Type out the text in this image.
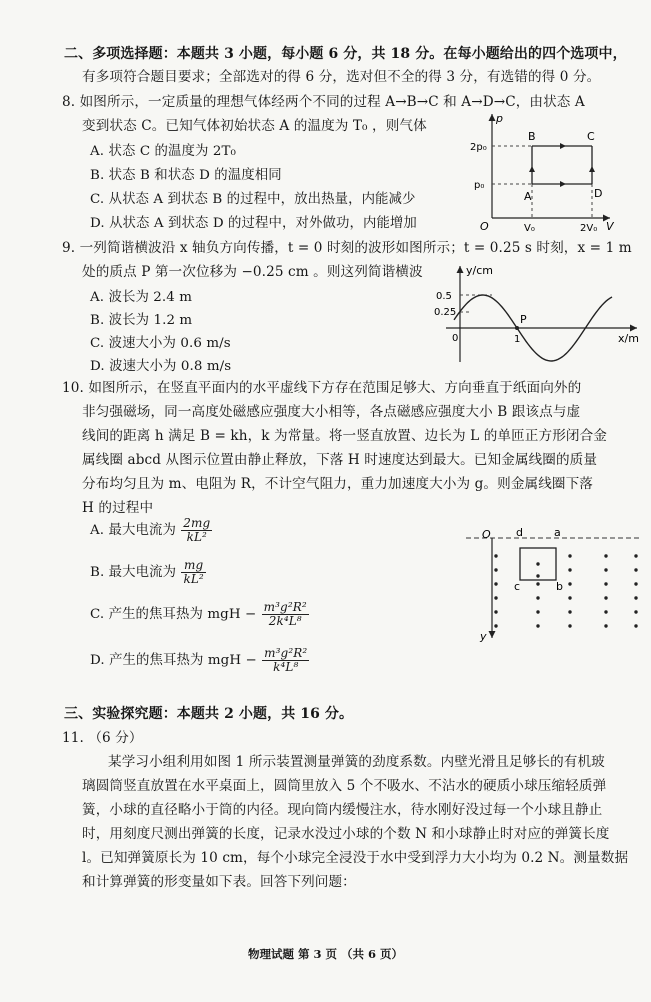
二、多项选择题：本题共 3 小题，每小题 6 分，共 18 分。在每小题给出的四个选项中，
有多项符合题目要求；全部选对的得 6 分，选对但不全的得 3 分，有选错的得 0 分。
8. 如图所示，一定质量的理想气体经两个不同的过程 A→B→C 和 A→D→C，由状态 A
变到状态 C。已知气体初始状态 A 的温度为 T₀ ，则气体
A. 状态 C 的温度为 2T₀
B. 状态 B 和状态 D 的温度相同
C. 从状态 A 到状态 B 的过程中，放出热量，内能减少
D. 从状态 A 到状态 D 的过程中，对外做功，内能增加
p
V
O
2p₀
p₀
V₀	2V₀
A
B	C
D
9. 一列简谐横波沿 x 轴负方向传播，t = 0 时刻的波形如图所示；t = 0.25 s 时刻，x = 1 m
处的质点 P 第一次位移为 −0.25 cm 。则这列简谐横波
A. 波长为 2.4 m
B. 波长为 1.2 m
C. 波速大小为 0.6 m/s
D. 波速大小为 0.8 m/s
y/cm
x/m
0
0.5
0.25
1
P
10. 如图所示，在竖直平面内的水平虚线下方存在范围足够大、方向垂直于纸面向外的
非匀强磁场，同一高度处磁感应强度大小相等，各点磁感应强度大小 B 跟该点与虚
线间的距离 h 满足 B = kh，k 为常量。将一竖直放置、边长为 L 的单匝正方形闭合金
属线圈 abcd 从图示位置由静止释放，下落 H 时速度达到最大。已知金属线圈的质量
分布均匀且为 m、电阻为 R，不计空气阻力，重力加速度大小为 g。则金属线圈下落
H 的过程中
A. 最大电流为 $\frac{2mg}{\text{kL²}}$
B. 最大电流为 $\frac{mg}{\text{kL²}}$
C. 产生的焦耳热为 mgH − $\frac{\text{m³g²R²}}{\text{2k⁴L⁸}}$
D. 产生的焦耳热为 mgH − $\frac{\text{m³g²R²}}{\text{k⁴L⁸}}$
O
y
d	a
c	b
三、实验探究题：本题共 2 小题，共 16 分。
11. （6 分）
某学习小组利用如图 1 所示装置测量弹簧的劲度系数。内壁光滑且足够长的有机玻
璃圆筒竖直放置在水平桌面上，圆筒里放入 5 个不吸水、不沾水的硬质小球压缩轻质弹
簧，小球的直径略小于筒的内径。现向筒内缓慢注水，待水刚好没过每一个小球且静止
时，用刻度尺测出弹簧的长度，记录水没过小球的个数 N 和小球静止时对应的弹簧长度
l。已知弹簧原长为 10 cm，每个小球完全浸没于水中受到浮力大小均为 0.2 N。测量数据
和计算弹簧的形变量如下表。回答下列问题：
物理试题 第 3 页 （共 6 页）
